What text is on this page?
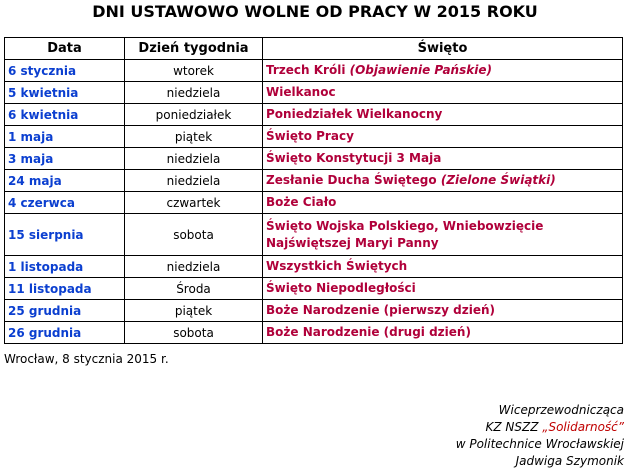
DNI USTAWOWO WOLNE OD PRACY W 2015 ROKU
Data	Dzień tygodnia	Święto
6 stycznia	wtorek	Trzech Króli (Objawienie Pańskie)
5 kwietnia	niedziela	Wielkanoc
6 kwietnia	poniedziałek	Poniedziałek Wielkanocny
1 maja	piątek	Święto Pracy
3 maja	niedziela	Święto Konstytucji 3 Maja
24 maja	niedziela	Zesłanie Ducha Świętego (Zielone Świątki)
4 czerwca	czwartek	Boże Ciało
15 sierpnia	sobota	Święto Wojska Polskiego, Wniebowzięcie Najświętszej Maryi Panny
1 listopada	niedziela	Wszystkich Świętych
11 listopada	Środa	Święto Niepodległości
25 grudnia	piątek	Boże Narodzenie (pierwszy dzień)
26 grudnia	sobota	Boże Narodzenie (drugi dzień)
Wrocław, 8 stycznia 2015 r.
Wiceprzewodnicząca
KZ NSZZ „Solidarność”
w Politechnice Wrocławskiej
Jadwiga Szymonik
